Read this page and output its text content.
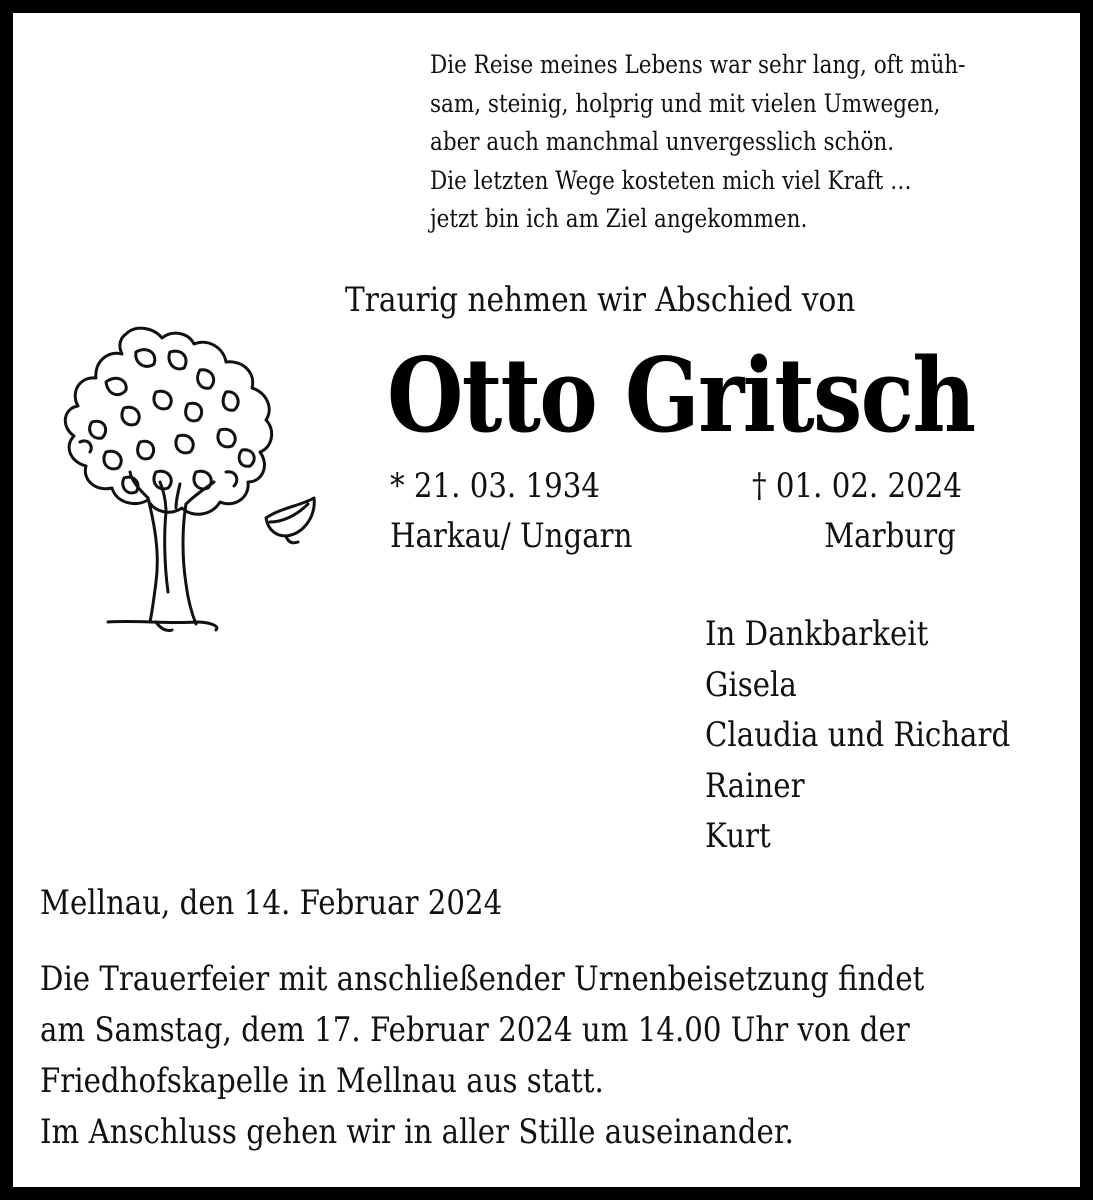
Die Reise meines Lebens war sehr lang, oft müh-
sam, steinig, holprig und mit vielen Umwegen,
aber auch manchmal unvergesslich schön.
Die letzten Wege kosteten mich viel Kraft …
jetzt bin ich am Ziel angekommen.
Traurig nehmen wir Abschied von
Otto Gritsch
* 21. 03. 1934
Harkau/ Ungarn
† 01. 02. 2024
Marburg
In Dankbarkeit
Gisela
Claudia und Richard
Rainer
Kurt
Mellnau, den 14. Februar 2024
Die Trauerfeier mit anschließender Urnenbeisetzung findet
am Samstag, dem 17. Februar 2024 um 14.00 Uhr von der
Friedhofskapelle in Mellnau aus statt.
Im Anschluss gehen wir in aller Stille auseinander.
